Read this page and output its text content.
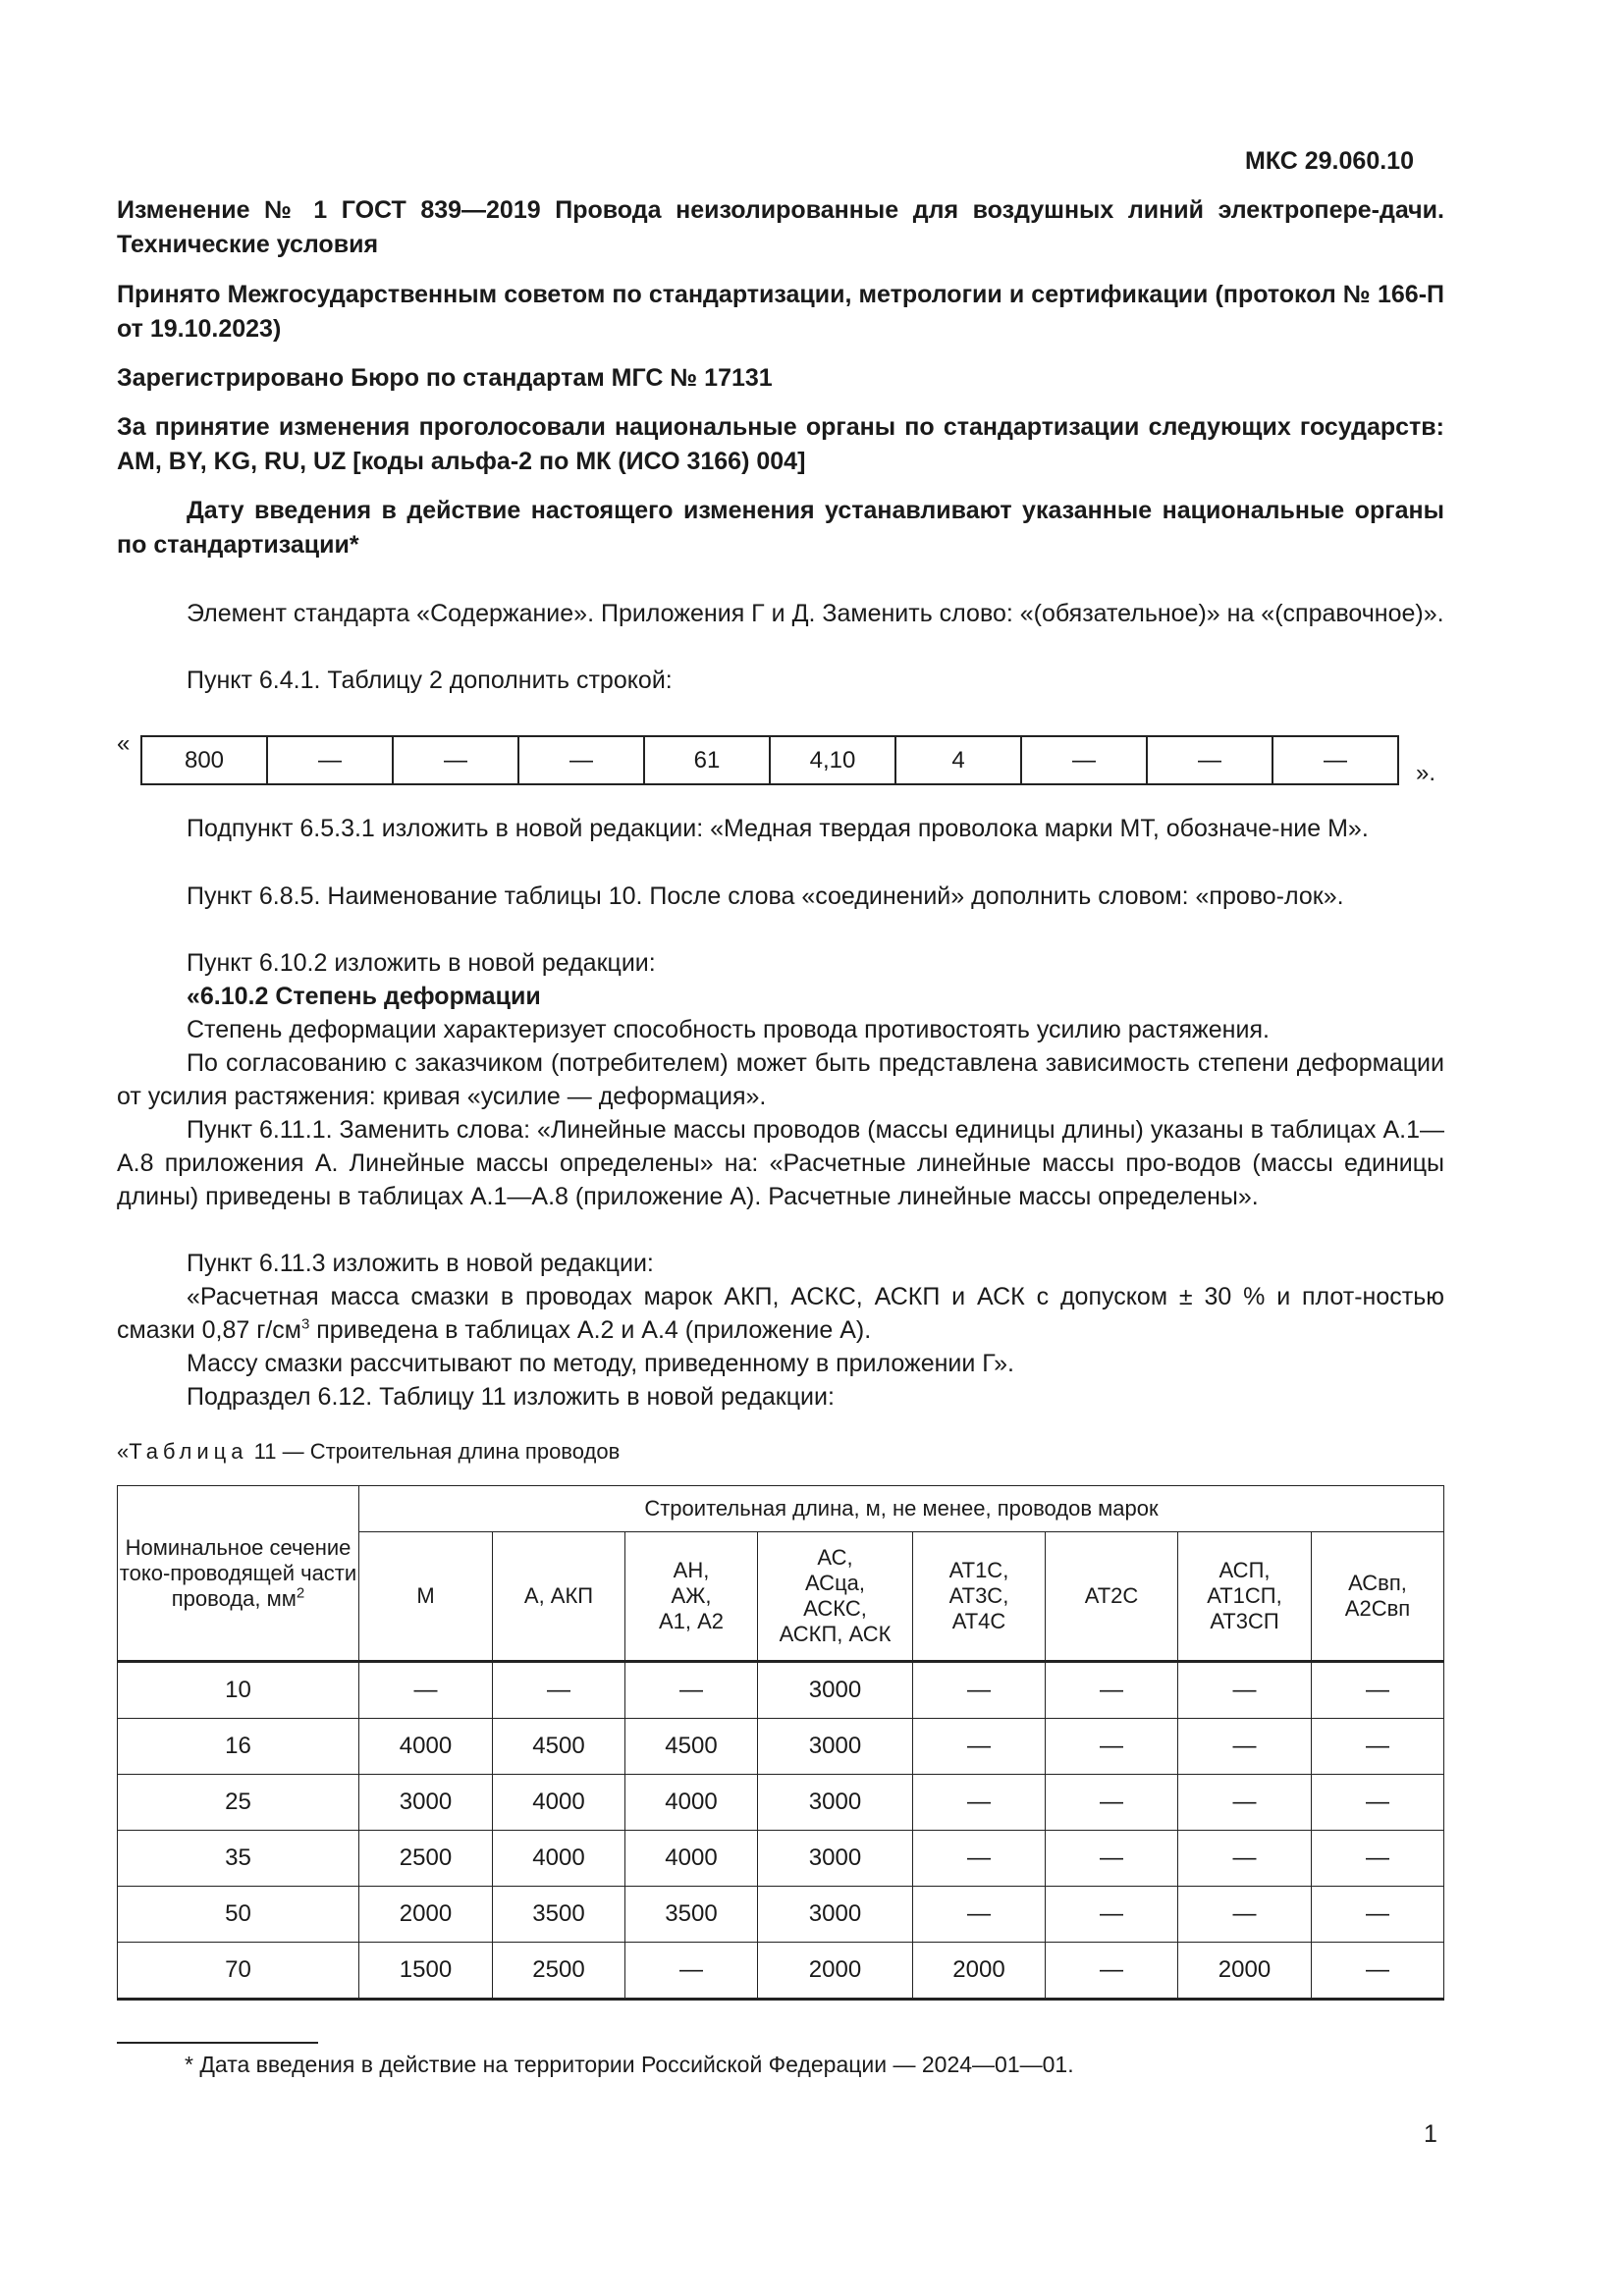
МКС 29.060.10
Изменение № 1 ГОСТ 839—2019 Провода неизолированные для воздушных линий электропере-дачи. Технические условия
Принято Межгосударственным советом по стандартизации, метрологии и сертификации (протокол № 166-П от 19.10.2023)
Зарегистрировано Бюро по стандартам МГС № 17131
За принятие изменения проголосовали национальные органы по стандартизации следующих государств: AM, BY, KG, RU, UZ [коды альфа-2 по МК (ИСО 3166) 004]
Дату введения в действие настоящего изменения устанавливают указанные национальные органы по стандартизации*
Элемент стандарта «Содержание». Приложения Г и Д. Заменить слово: «(обязательное)» на «(справочное)».
Пункт 6.4.1. Таблицу 2 дополнить строкой:
«
800	—	—	—	61	4,10	4	—	—	—	».
Подпункт 6.5.3.1 изложить в новой редакции: «Медная твердая проволока марки МТ, обозначе-ние М».
Пункт 6.8.5. Наименование таблицы 10. После слова «соединений» дополнить словом: «прово-лок».
Пункт 6.10.2 изложить в новой редакции:
«6.10.2 Степень деформации
Степень деформации характеризует способность провода противостоять усилию растяжения.
По согласованию с заказчиком (потребителем) может быть представлена зависимость степени деформации от усилия растяжения: кривая «усилие — деформация».
Пункт 6.11.1. Заменить слова: «Линейные массы проводов (массы единицы длины) указаны в таблицах А.1—А.8 приложения А. Линейные массы определены» на: «Расчетные линейные массы про-водов (массы единицы длины) приведены в таблицах А.1—А.8 (приложение А). Расчетные линейные массы определены».
Пункт 6.11.3 изложить в новой редакции:
«Расчетная масса смазки в проводах марок АКП, АСКС, АСКП и АСК с допуском ± 30 % и плот-ностью смазки 0,87 $г/см^3$ приведена в таблицах А.2 и А.4 (приложение А).
Массу смазки рассчитывают по методу, приведенному в приложении Г».
Подраздел 6.12. Таблицу 11 изложить в новой редакции:
«Таблица 11 — Строительная длина проводов
Номинальное сечение токо-проводящей части провода, $мм^2$	Строительная длина, м, не менее, проводов марок							
	М	А, АКП	АН,
АЖ,
А1, А2	АС,
АСца,
АСКС,
АСКП, АСК	АТ1С,
АТ3С,
АТ4С	АТ2С	АСП,
АТ1СП,
АТ3СП	АСвп,
А2Свп
10	—	—	—	3000	—	—	—	—
16	4000	4500	4500	3000	—	—	—	—
25	3000	4000	4000	3000	—	—	—	—
35	2500	4000	4000	3000	—	—	—	—
50	2000	3500	3500	3000	—	—	—	—
70	1500	2500	—	2000	2000	—	2000	—
* Дата введения в действие на территории Российской Федерации — 2024—01—01.
1
